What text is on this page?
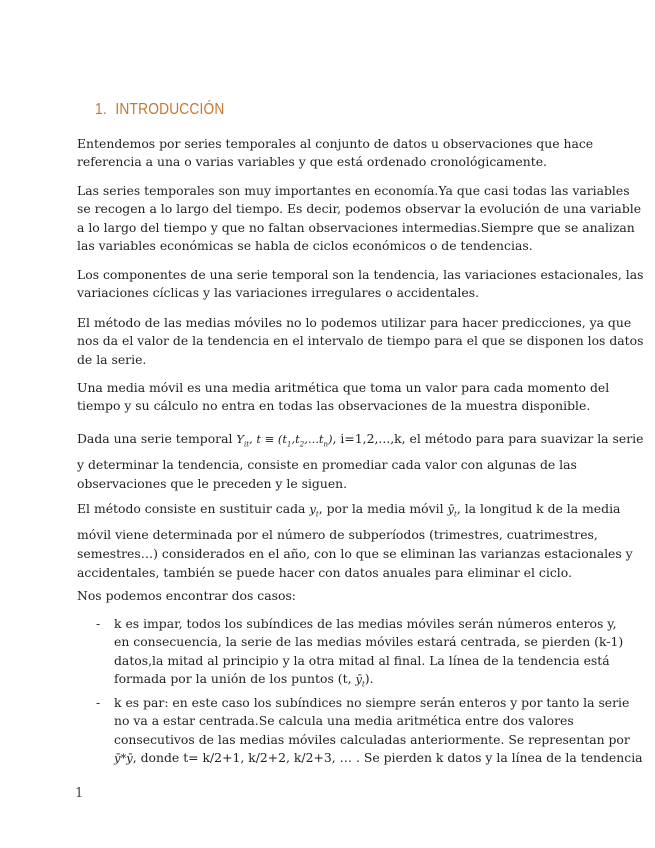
1. INTRODUCCIÓN

Entendemos por series temporales al conjunto de datos u observaciones que hace
referencia a una o varias variables y que está ordenado cronológicamente.

Las series temporales son muy importantes en economía.Ya que casi todas las variables
se recogen a lo largo del tiempo. Es decir, podemos observar la evolución de una variable
a lo largo del tiempo y que no faltan observaciones intermedias.Siempre que se analizan
las variables económicas se habla de ciclos económicos o de tendencias.

Los componentes de una serie temporal son la tendencia, las variaciones estacionales, las
variaciones cíclicas y las variaciones irregulares o accidentales.

El método de las medias móviles no lo podemos utilizar para hacer predicciones, ya que
nos da el valor de la tendencia en el intervalo de tiempo para el que se disponen los datos
de la serie.

Una media móvil es una media aritmética que toma un valor para cada momento del
tiempo y su cálculo no entra en todas las observaciones de la muestra disponible.

Dada una serie temporal $Y_{it}$, $t \equiv (t_1,t_2,...t_n)$, i=1,2,...,k, el método para para suavizar la serie
y determinar la tendencia, consiste en promediar cada valor con algunas de las
observaciones que le preceden y le siguen.

El método consiste en sustituir cada $y_t$, por la media móvil $ȳ_t$, la longitud k de la media
móvil viene determinada por el número de subperíodos (trimestres, cuatrimestres,
semestres…) considerados en el año, con lo que se eliminan las varianzas estacionales y
accidentales, también se puede hacer con datos anuales para eliminar el ciclo.

Nos podemos encontrar dos casos:

- k es impar, todos los subíndices de las medias móviles serán números enteros y,
en consecuencia, la serie de las medias móviles estará centrada, se pierden (k-1)
datos,la mitad al principio y la otra mitad al final. La línea de la tendencia está
formada por la unión de los puntos (t, $ȳ_t$).
- k es par: en este caso los subíndices no siempre serán enteros y por tanto la serie
no va a estar centrada.Se calcula una media aritmética entre dos valores
consecutivos de las medias móviles calculadas anteriormente. Se representan por
ȳ*ȳ, donde t= k/2+1, k/2+2, k/2+3, … . Se pierden k datos y la línea de la tendencia
1
